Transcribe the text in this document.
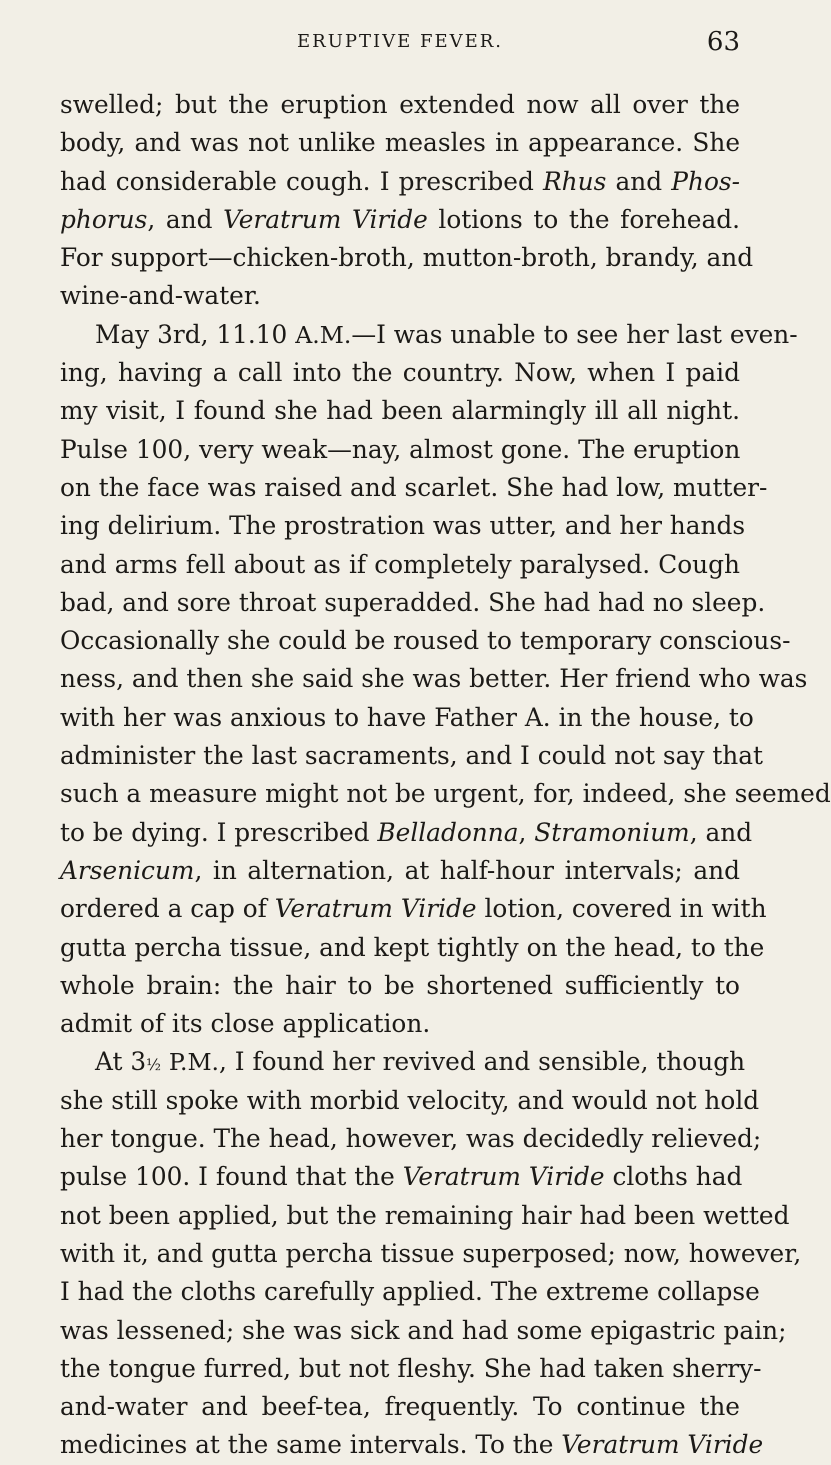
ERUPTIVE FEVER.	63
swelled; but the eruption extended now all over the
body, and was not unlike measles in appearance. She
had considerable cough. I prescribed Rhus and Phos-
phorus, and Veratrum Viride lotions to the forehead.
For support—chicken-broth, mutton-broth, brandy, and
wine-and-water.
May 3rd, 11.10 A.M.—I was unable to see her last even-
ing, having a call into the country. Now, when I paid
my visit, I found she had been alarmingly ill all night.
Pulse 100, very weak—nay, almost gone. The eruption
on the face was raised and scarlet. She had low, mutter-
ing delirium. The prostration was utter, and her hands
and arms fell about as if completely paralysed. Cough
bad, and sore throat superadded. She had had no sleep.
Occasionally she could be roused to temporary conscious-
ness, and then she said she was better. Her friend who was
with her was anxious to have Father A. in the house, to
administer the last sacraments, and I could not say that
such a measure might not be urgent, for, indeed, she seemed
to be dying. I prescribed Belladonna, Stramonium, and
Arsenicum, in alternation, at half-hour intervals; and
ordered a cap of Veratrum Viride lotion, covered in with
gutta percha tissue, and kept tightly on the head, to the
whole brain: the hair to be shortened sufficiently to
admit of its close application.
At 3½ P.M., I found her revived and sensible, though
she still spoke with morbid velocity, and would not hold
her tongue. The head, however, was decidedly relieved;
pulse 100. I found that the Veratrum Viride cloths had
not been applied, but the remaining hair had been wetted
with it, and gutta percha tissue superposed; now, however,
I had the cloths carefully applied. The extreme collapse
was lessened; she was sick and had some epigastric pain;
the tongue furred, but not fleshy. She had taken sherry-
and-water and beef-tea, frequently. To continue the
medicines at the same intervals. To the Veratrum Viride
